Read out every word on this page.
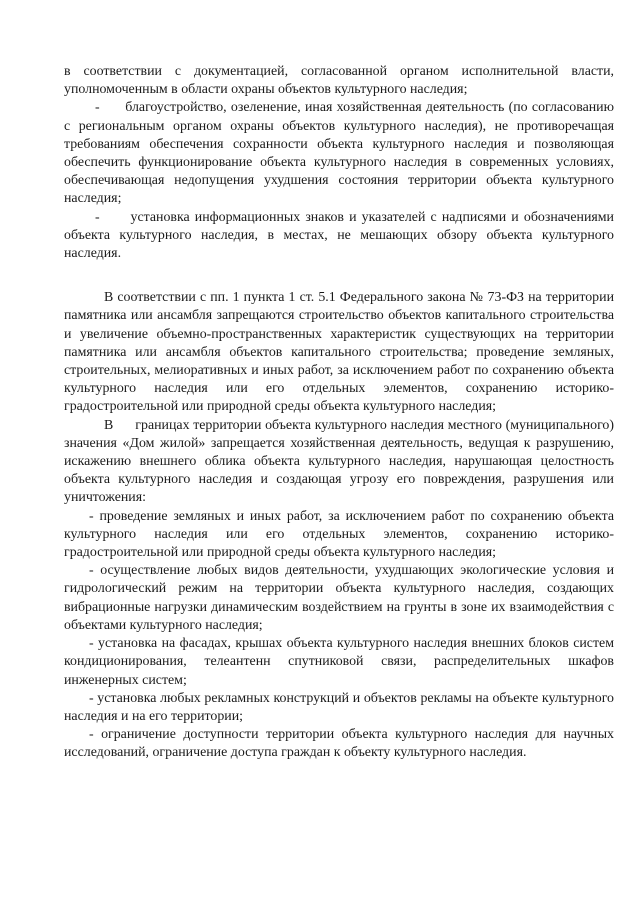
в соответствии с документацией, согласованной органом исполнительной власти, уполномоченным в области охраны объектов культурного наследия;

-      благоустройство, озеленение, иная хозяйственная деятельность (по согласованию с региональным органом охраны объектов культурного наследия), не противоречащая требованиям обеспечения сохранности объекта культурного наследия и позволяющая обеспечить функционирование объекта культурного наследия в современных условиях, обеспечивающая недопущения ухудшения состояния территории объекта культурного наследия;

-      установка информационных знаков и указателей с надписями и обозначениями объекта культурного наследия, в местах, не мешающих обзору объекта культурного наследия.

В соответствии с пп. 1 пункта 1 ст. 5.1 Федерального закона № 73-ФЗ на территории памятника или ансамбля запрещаются строительство объектов капитального строительства и увеличение объемно-пространственных характеристик существующих на территории памятника или ансамбля объектов капитального строительства; проведение земляных, строительных, мелиоративных и иных работ, за исключением работ по сохранению объекта культурного наследия или его отдельных элементов, сохранению историко-градостроительной или природной среды объекта культурного наследия;

В      границах территории объекта культурного наследия местного (муниципального) значения «Дом жилой» запрещается хозяйственная деятельность, ведущая к разрушению, искажению внешнего облика объекта культурного наследия, нарушающая целостность объекта культурного наследия и создающая угрозу его повреждения, разрушения или уничтожения:

- проведение земляных и иных работ, за исключением работ по сохранению объекта культурного наследия или его отдельных элементов, сохранению историко-градостроительной или природной среды объекта культурного наследия;

- осуществление любых видов деятельности, ухудшающих экологические условия и гидрологический режим на территории объекта культурного наследия, создающих вибрационные нагрузки динамическим воздействием на грунты в зоне их взаимодействия с объектами культурного наследия;

- установка на фасадах, крышах объекта культурного наследия внешних блоков систем кондиционирования, телеантенн спутниковой связи, распределительных шкафов инженерных систем;

- установка любых рекламных конструкций и объектов рекламы на объекте культурного наследия и на его территории;

- ограничение доступности территории объекта культурного наследия для научных исследований, ограничение доступа граждан к объекту культурного наследия.
